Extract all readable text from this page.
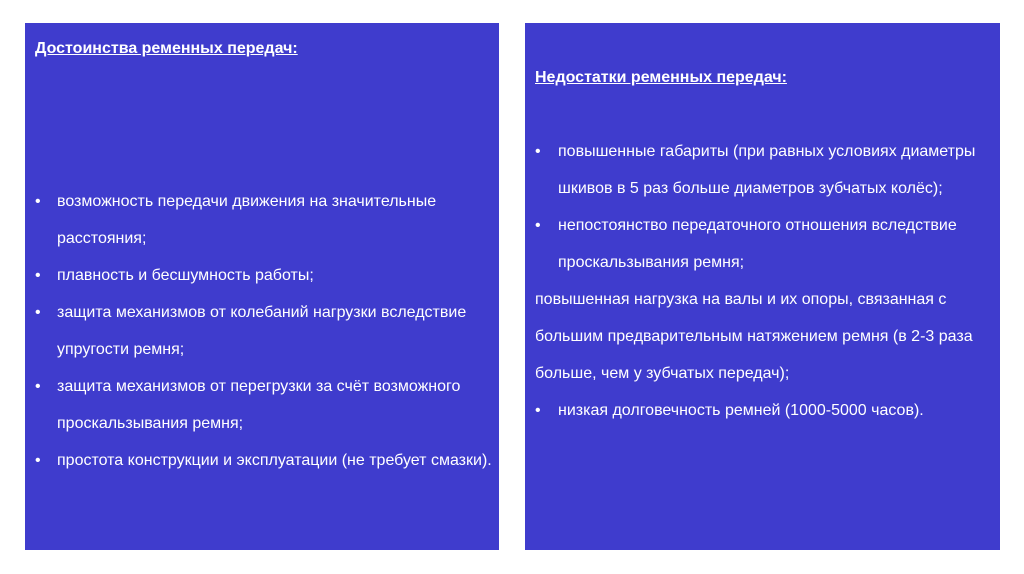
Достоинства ременных передач:
• возможность передачи движения на значительные расстояния;
• плавность и бесшумность работы;
• защита механизмов от колебаний нагрузки вследствие упругости ремня;
• защита механизмов от перегрузки за счёт возможного проскальзывания ремня;
• простота конструкции и эксплуатации (не требует смазки).
Недостатки ременных передач:
• повышенные габариты (при равных условиях диаметры шкивов в 5 раз больше диаметров зубчатых колёс);
• непостоянство передаточного отношения вследствие проскальзывания ремня;
повышенная нагрузка на валы и их опоры, связанная с большим предварительным натяжением ремня (в 2-3 раза больше, чем у зубчатых передач);
• низкая долговечность ремней (1000-5000 часов).
